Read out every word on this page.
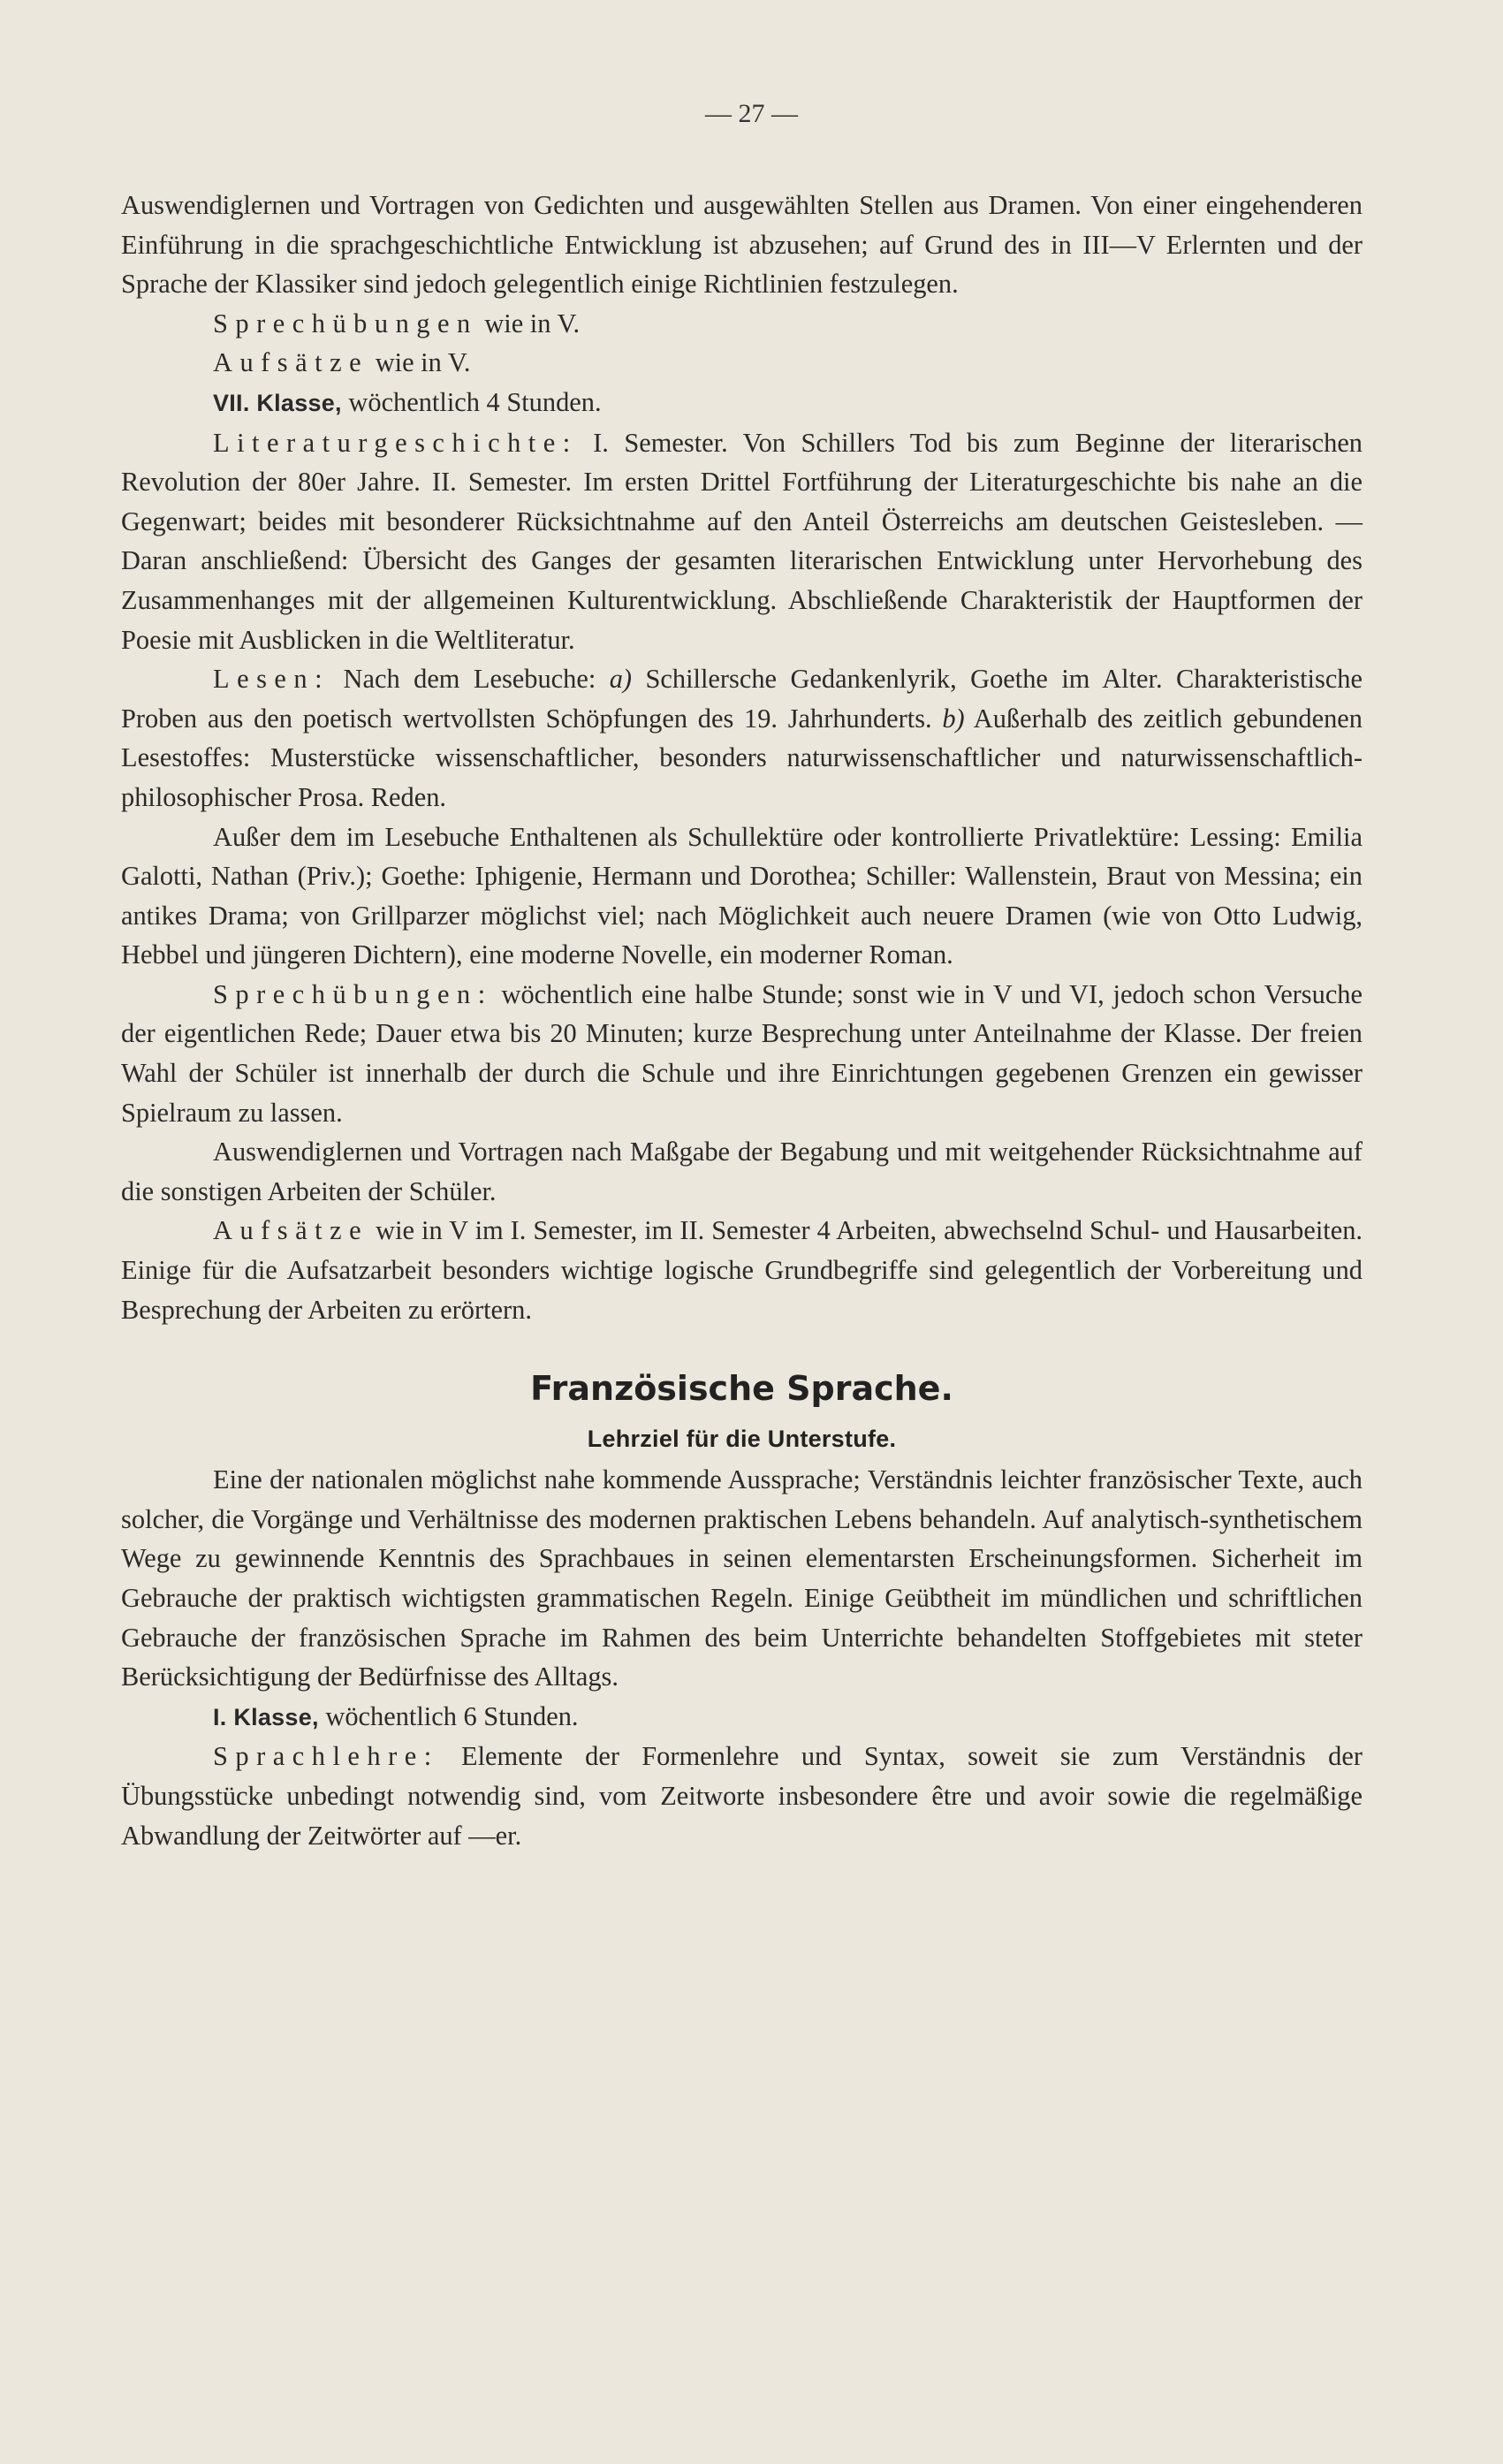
— 27 —

Auswendiglernen und Vortragen von Gedichten und ausgewählten Stellen aus Dramen. Von einer eingehenderen Einführung in die sprachgeschichtliche Entwicklung ist abzusehen; auf Grund des in III—V Erlernten und der Sprache der Klassiker sind jedoch gelegentlich einige Richtlinien festzulegen.

Sprechübungen wie in V.

Aufsätze wie in V.

VII. Klasse, wöchentlich 4 Stunden.

Literaturgeschichte: I. Semester. Von Schillers Tod bis zum Beginne der literarischen Revolution der 80er Jahre. II. Semester. Im ersten Drittel Fortführung der Literaturgeschichte bis nahe an die Gegenwart; beides mit besonderer Rücksichtnahme auf den Anteil Österreichs am deutschen Geistesleben. — Daran anschließend: Übersicht des Ganges der gesamten literarischen Entwicklung unter Hervorhebung des Zusammenhanges mit der allgemeinen Kulturentwicklung. Abschließende Charakteristik der Hauptformen der Poesie mit Ausblicken in die Weltliteratur.

Lesen: Nach dem Lesebuche: a) Schillersche Gedankenlyrik, Goethe im Alter. Charakteristische Proben aus den poetisch wertvollsten Schöpfungen des 19. Jahrhunderts. b) Außerhalb des zeitlich gebundenen Lesestoffes: Musterstücke wissenschaftlicher, besonders naturwissenschaftlicher und naturwissenschaftlich-philosophischer Prosa. Reden.

Außer dem im Lesebuche Enthaltenen als Schullektüre oder kontrollierte Privatlektüre: Lessing: Emilia Galotti, Nathan (Priv.); Goethe: Iphigenie, Hermann und Dorothea; Schiller: Wallenstein, Braut von Messina; ein antikes Drama; von Grillparzer möglichst viel; nach Möglichkeit auch neuere Dramen (wie von Otto Ludwig, Hebbel und jüngeren Dichtern), eine moderne Novelle, ein moderner Roman.

Sprechübungen: wöchentlich eine halbe Stunde; sonst wie in V und VI, jedoch schon Versuche der eigentlichen Rede; Dauer etwa bis 20 Minuten; kurze Besprechung unter Anteilnahme der Klasse. Der freien Wahl der Schüler ist innerhalb der durch die Schule und ihre Einrichtungen gegebenen Grenzen ein gewisser Spielraum zu lassen.

Auswendiglernen und Vortragen nach Maßgabe der Begabung und mit weitgehender Rücksichtnahme auf die sonstigen Arbeiten der Schüler.

Aufsätze wie in V im I. Semester, im II. Semester 4 Arbeiten, abwechselnd Schul- und Hausarbeiten. Einige für die Aufsatzarbeit besonders wichtige logische Grundbegriffe sind gelegentlich der Vorbereitung und Besprechung der Arbeiten zu erörtern.

Französische Sprache.
Lehrziel für die Unterstufe.

Eine der nationalen möglichst nahe kommende Aussprache; Verständnis leichter französischer Texte, auch solcher, die Vorgänge und Verhältnisse des modernen praktischen Lebens behandeln. Auf analytisch-synthetischem Wege zu gewinnende Kenntnis des Sprachbaues in seinen elementarsten Erscheinungsformen. Sicherheit im Gebrauche der praktisch wichtigsten grammatischen Regeln. Einige Geübtheit im mündlichen und schriftlichen Gebrauche der französischen Sprache im Rahmen des beim Unterrichte behandelten Stoffgebietes mit steter Berücksichtigung der Bedürfnisse des Alltags.

I. Klasse, wöchentlich 6 Stunden.

Sprachlehre: Elemente der Formenlehre und Syntax, soweit sie zum Verständnis der Übungsstücke unbedingt notwendig sind, vom Zeitworte insbesondere être und avoir sowie die regelmäßige Abwandlung der Zeitwörter auf —er.
